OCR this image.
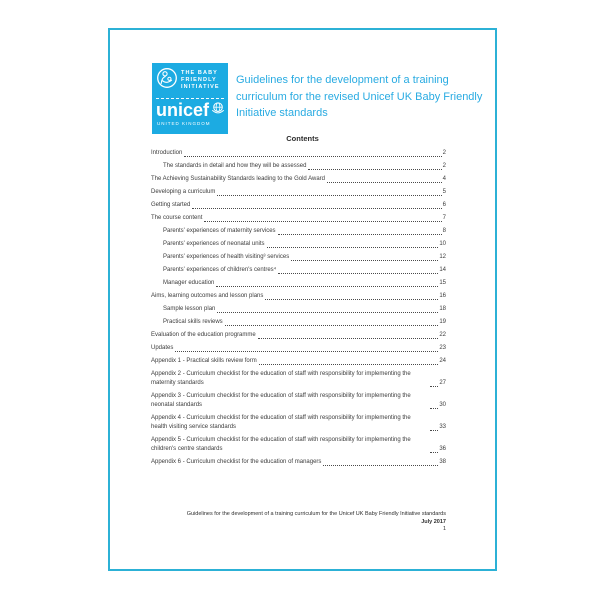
THE BABY
FRIENDLY
INITIATIVE
unicef
UNITED KINGDOM
Guidelines for the development of a training curriculum for the revised Unicef UK Baby Friendly Initiative standards
Contents
Introduction	2
The standards in detail and how they will be assessed	2
The Achieving Sustainability Standards leading to the Gold Award	4
Developing a curriculum	5
Getting started	6
The course content	7
Parents' experiences of maternity services	8
Parents' experiences of neonatal units	10
Parents' experiences of health visiting³ services	12
Parents' experiences of children's centres⁴	14
Manager education	15
Aims, learning outcomes and lesson plans	16
Sample lesson plan	18
Practical skills reviews	19
Evaluation of the education programme	22
Updates	23
Appendix 1 - Practical skills review form	24
Appendix 2 - Curriculum checklist for the education of staff with responsibility for implementing the maternity standards	27
Appendix 3 - Curriculum checklist for the education of staff with responsibility for implementing the neonatal standards	30
Appendix 4 - Curriculum checklist for the education of staff with responsibility for implementing the health visiting service standards	33
Appendix 5 - Curriculum checklist for the education of staff with responsibility for implementing the children's centre standards	36
Appendix 6 - Curriculum checklist for the education of managers	38
Guidelines for the development of a training curriculum for the Unicef UK Baby Friendly Initiative standards
July 2017
1
